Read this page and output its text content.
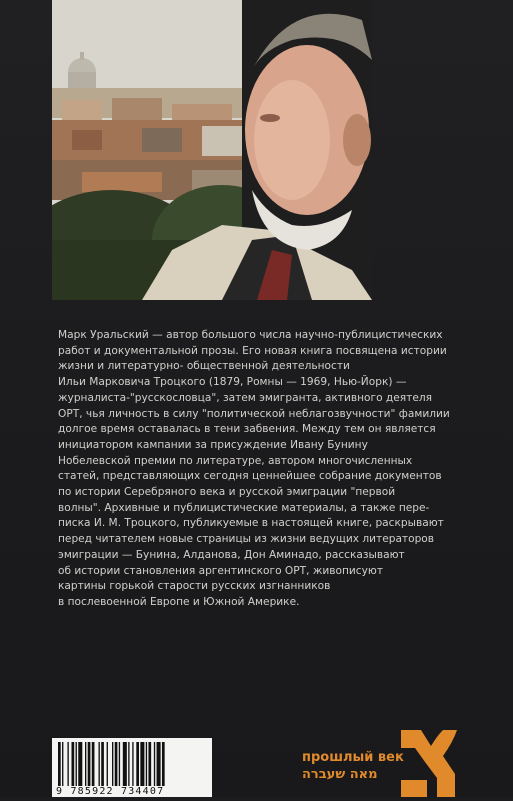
Марк Уральский — автор большого числа научно-публицистических
работ и документальной прозы. Его новая книга посвящена истории
жизни и литературно- общественной деятельности
Ильи Марковича Троцкого (1879, Ромны — 1969, Нью-Йорк) —
журналиста-"русскословца", затем эмигранта, активного деятеля
ОРТ, чья личность в силу "политической неблагозвучности" фамилии
долгое время оставалась в тени забвения. Между тем он является
инициатором кампании за присуждение Ивану Бунину
Нобелевской премии по литературе, автором многочисленных
статей, представляющих сегодня ценнейшее собрание документов
по истории Серебряного века и русской эмиграции "первой
волны". Архивные и публицистические материалы, а также пере-
писка И. М. Троцкого, публикуемые в настоящей книге, раскрывают
перед читателем новые страницы из жизни ведущих литераторов
эмиграции — Бунина, Алданова, Дон Аминадо, рассказывают
об истории становления аргентинского ОРТ, живописуют
картины горькой старости русских изгнанников
в послевоенной Европе и Южной Америке.

9 785922 734407
прошлый век
מאה שעברה
